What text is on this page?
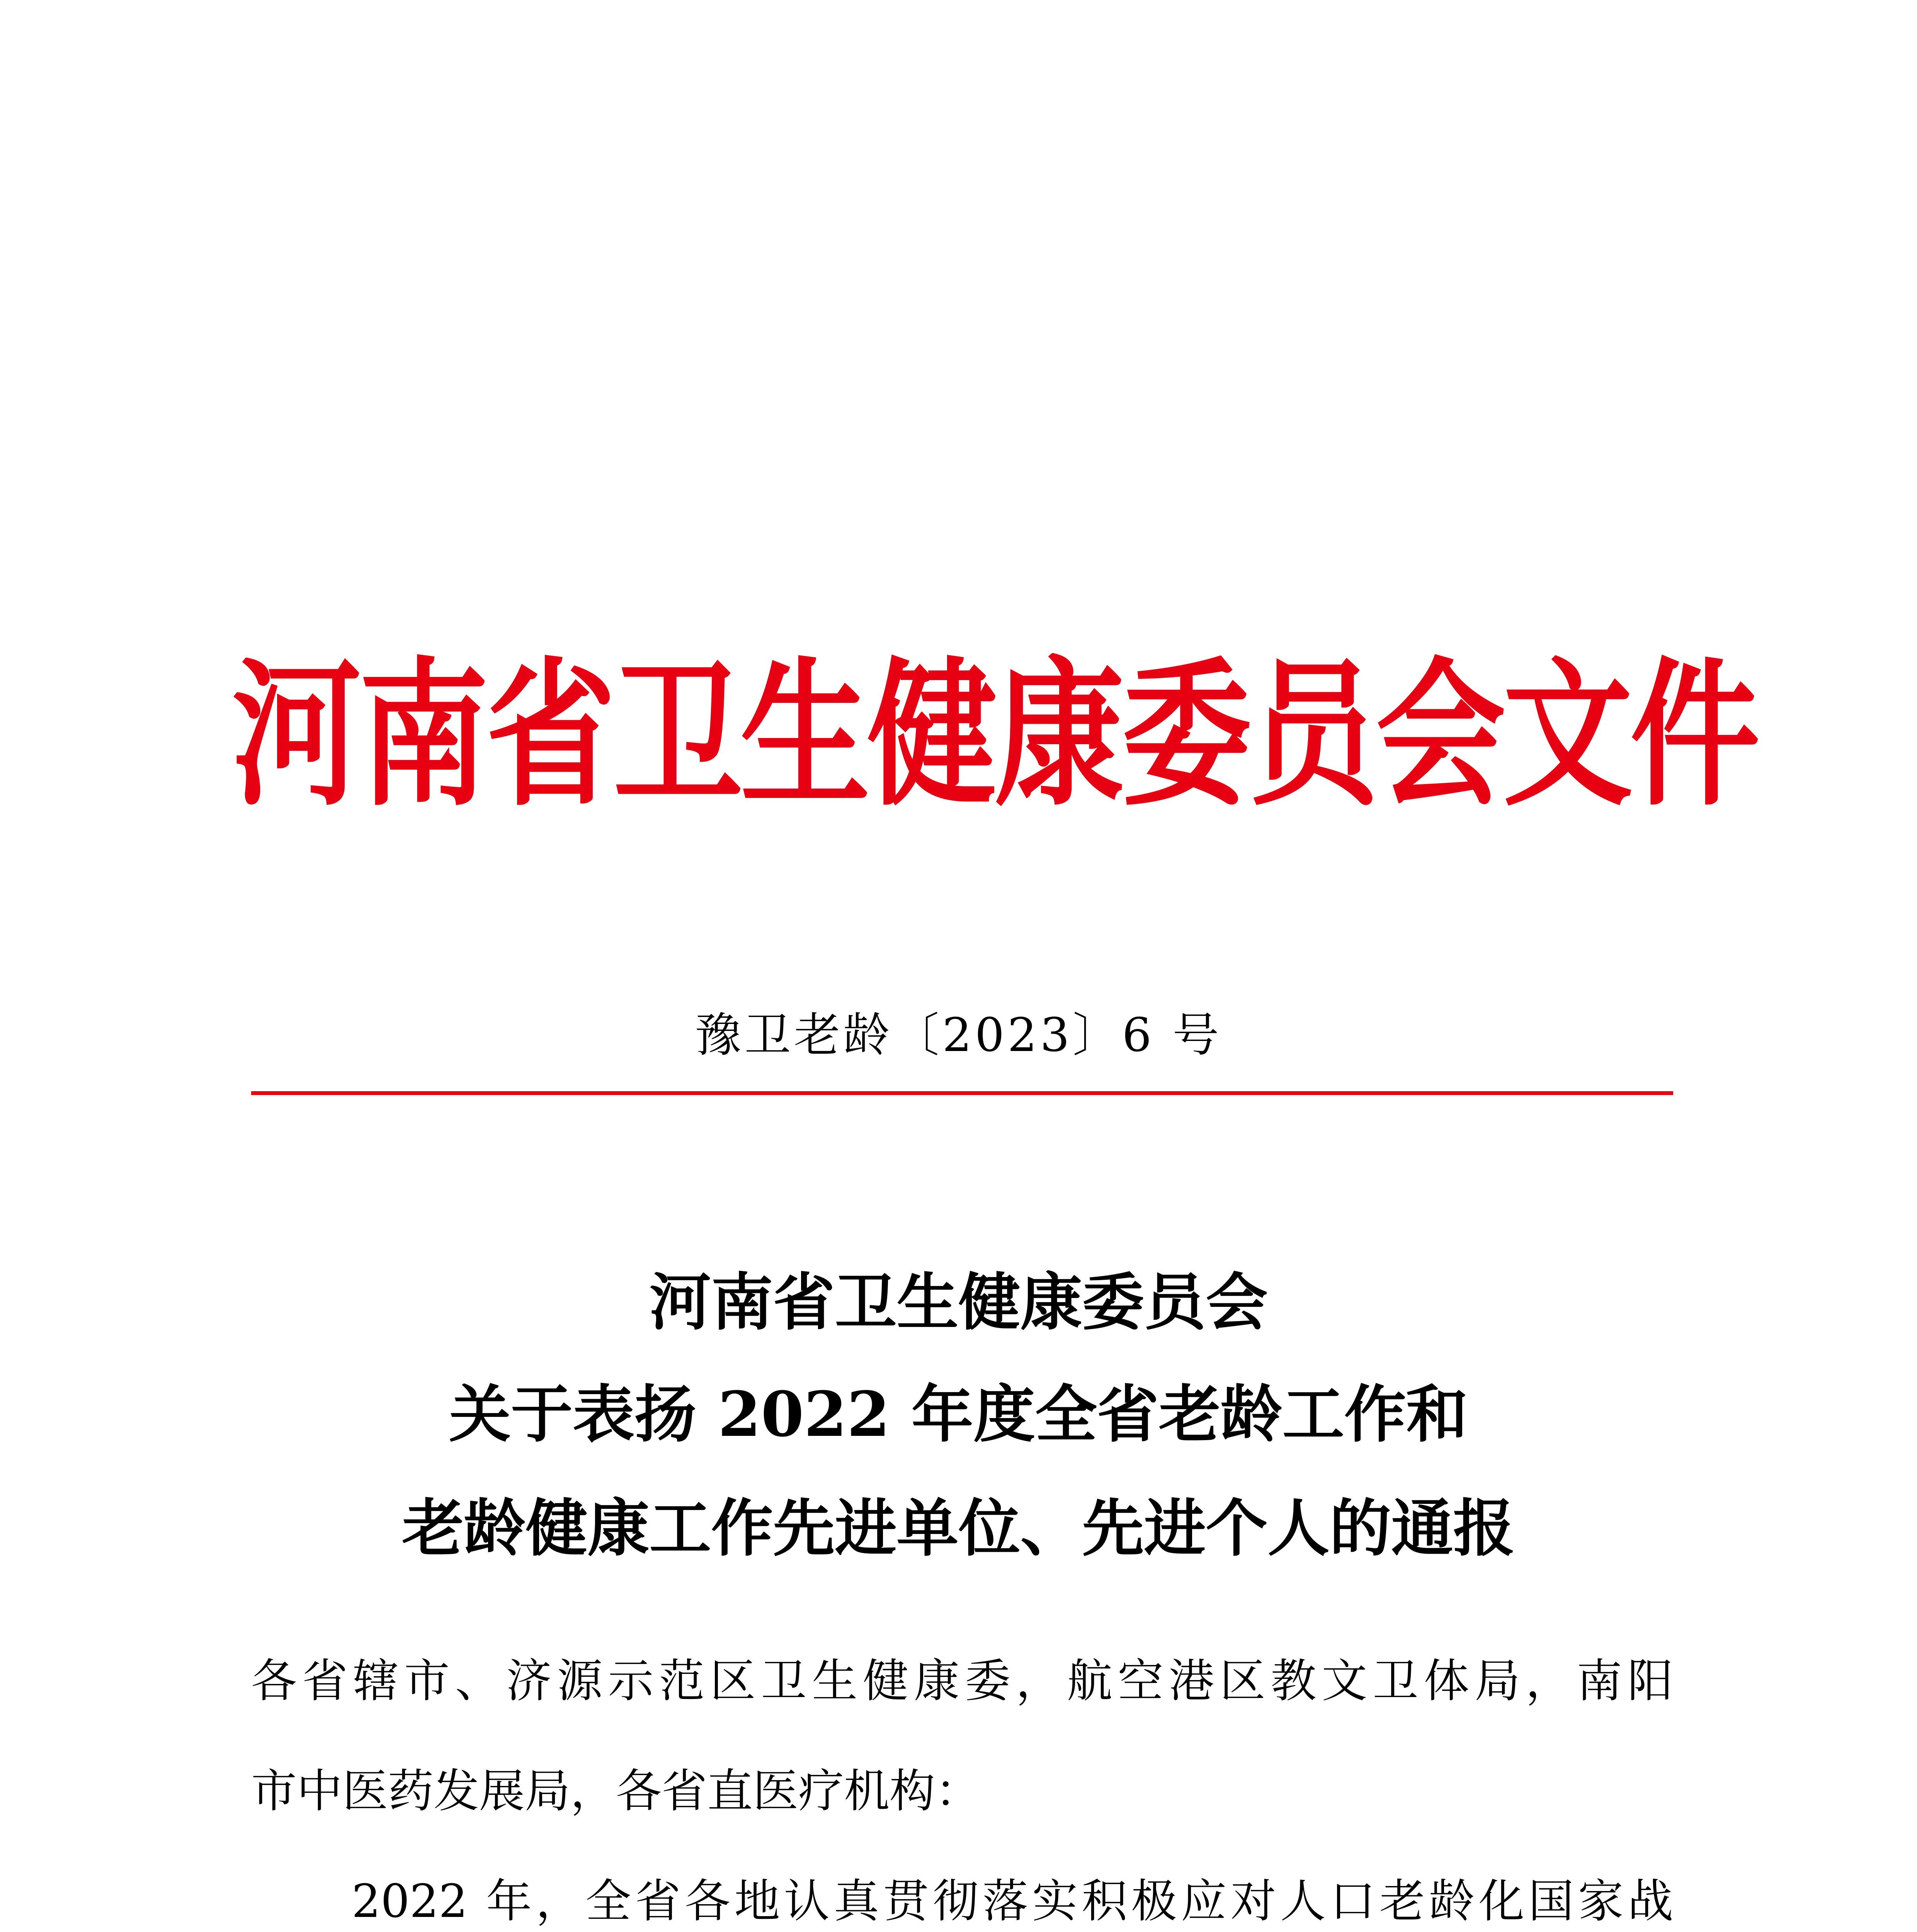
河南省卫生健康委员会文件
豫卫老龄〔2023〕6 号
河南省卫生健康委员会
关于表扬 2022 年度全省老龄工作和
老龄健康工作先进单位、先进个人的通报
各省辖市、济源示范区卫生健康委，航空港区教文卫体局，南阳
市中医药发展局，各省直医疗机构：
2022 年，全省各地认真贯彻落实积极应对人口老龄化国家战
